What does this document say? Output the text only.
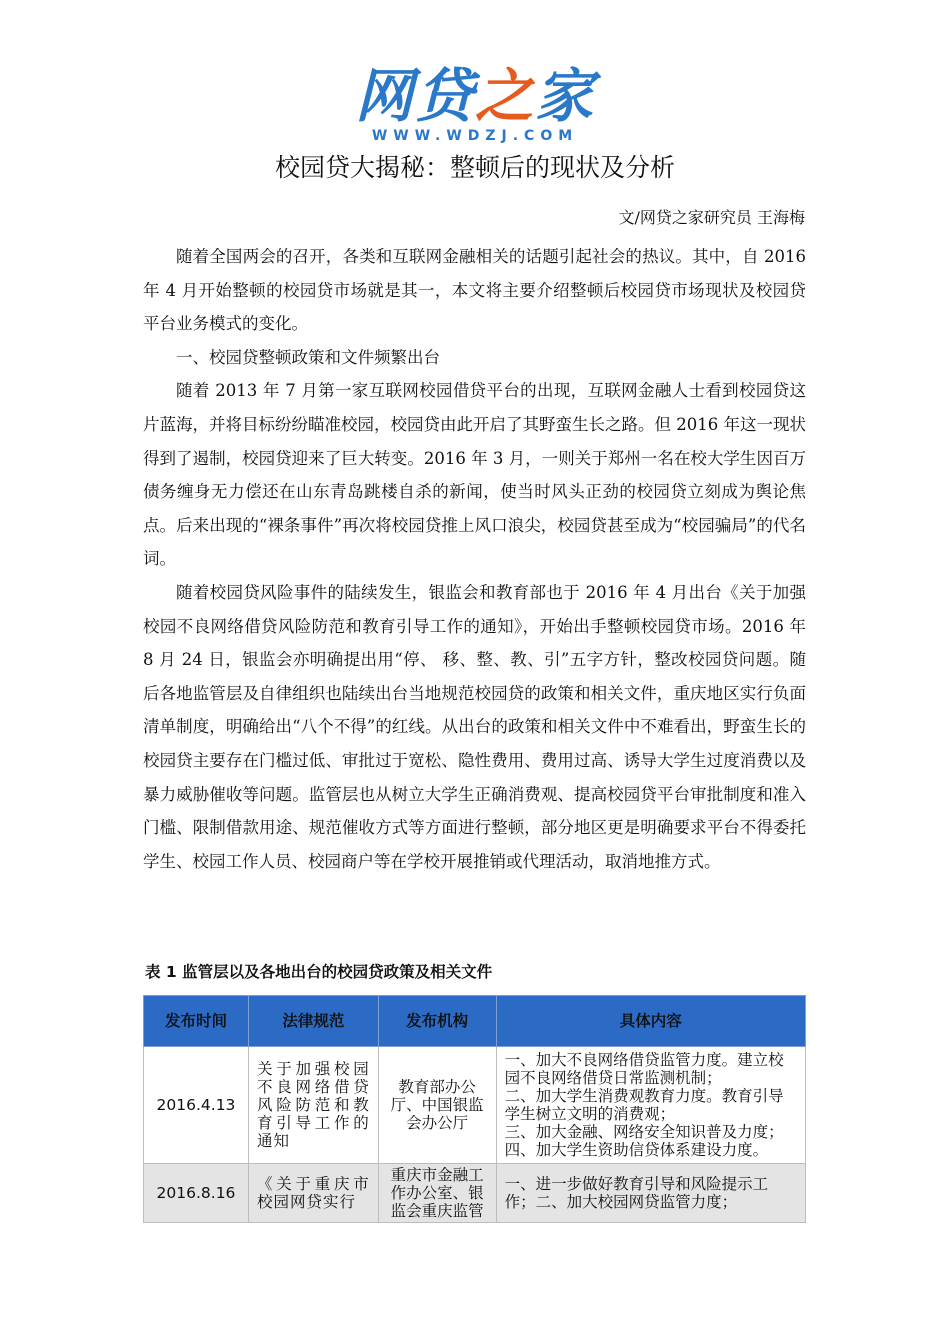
网贷之家
WWW.WDZJ.COM
校园贷大揭秘：整顿后的现状及分析
文/网贷之家研究员 王海梅

随着全国两会的召开，各类和互联网金融相关的话题引起社会的热议。其中，自 2016 年 4 月开始整顿的校园贷市场就是其一，本文将主要介绍整顿后校园贷市场现状及校园贷平台业务模式的变化。

一、校园贷整顿政策和文件频繁出台

随着 2013 年 7 月第一家互联网校园借贷平台的出现，互联网金融人士看到校园贷这片蓝海，并将目标纷纷瞄准校园，校园贷由此开启了其野蛮生长之路。但 2016 年这一现状得到了遏制，校园贷迎来了巨大转变。2016 年 3 月，一则关于郑州一名在校大学生因百万债务缠身无力偿还在山东青岛跳楼自杀的新闻，使当时风头正劲的校园贷立刻成为舆论焦点。后来出现的“裸条事件”再次将校园贷推上风口浪尖，校园贷甚至成为“校园骗局”的代名词。

随着校园贷风险事件的陆续发生，银监会和教育部也于 2016 年 4 月出台《关于加强校园不良网络借贷风险防范和教育引导工作的通知》，开始出手整顿校园贷市场。2016 年 8 月 24 日，银监会亦明确提出用“停、 移、整、教、引”五字方针，整改校园贷问题。随后各地监管层及自律组织也陆续出台当地规范校园贷的政策和相关文件，重庆地区实行负面清单制度，明确给出“八个不得”的红线。从出台的政策和相关文件中不难看出，野蛮生长的校园贷主要存在门槛过低、审批过于宽松、隐性费用、费用过高、诱导大学生过度消费以及暴力威胁催收等问题。监管层也从树立大学生正确消费观、提高校园贷平台审批制度和准入门槛、限制借款用途、规范催收方式等方面进行整顿，部分地区更是明确要求平台不得委托学生、校园工作人员、校园商户等在学校开展推销或代理活动，取消地推方式。

表 1 监管层以及各地出台的校园贷政策及相关文件
发布时间	法律规范	发布机构	具体内容
2016.4.13	关于加强校园不良网络借贷风险防范和教育引导工作的通知	教育部办公厅、中国银监会办公厅	一、加大不良网络借贷监管力度。建立校园不良网络借贷日常监测机制；
二、加大学生消费观教育力度。教育引导学生树立文明的消费观；
三、加大金融、网络安全知识普及力度；
四、加大学生资助信贷体系建设力度。
2016.8.16	《关于重庆市校园网贷实行	重庆市金融工作办公室、银监会重庆监管	一、进一步做好教育引导和风险提示工作；二、加大校园网贷监管力度；
